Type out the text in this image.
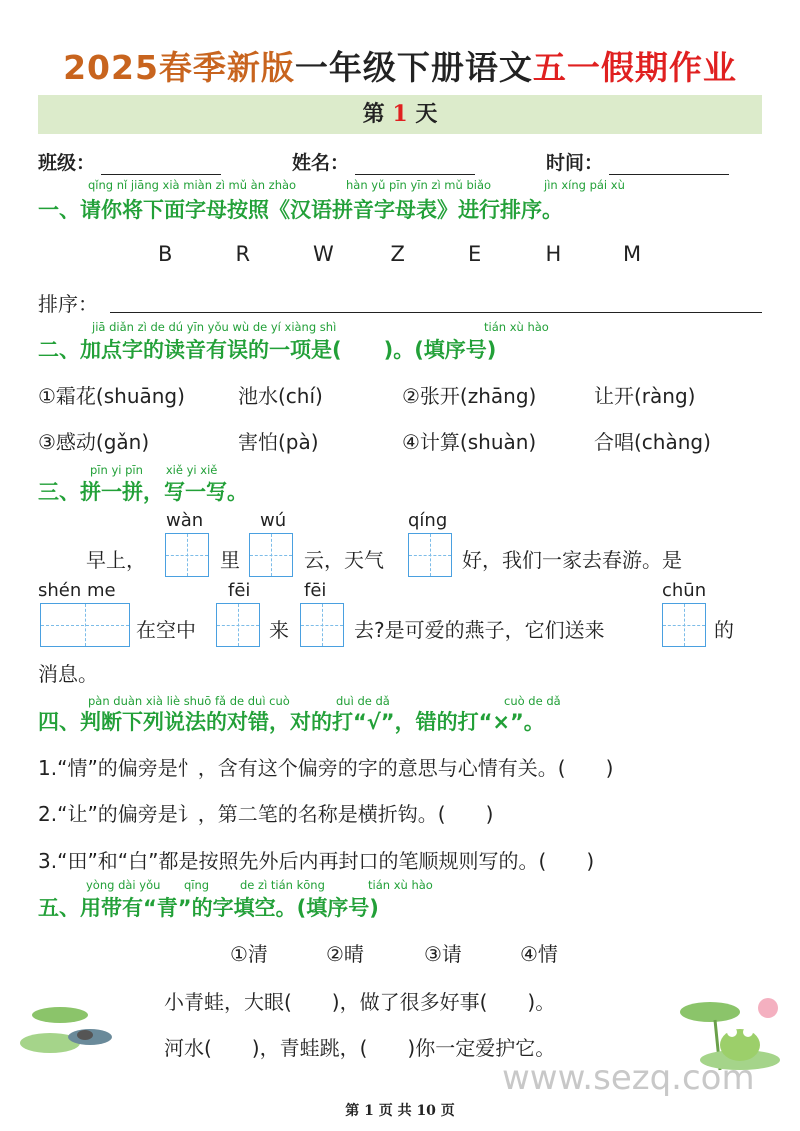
2025春季新版一年级下册语文五一假期作业
第 1 天
班级：	姓名：	时间：
qǐng nǐ jiāng xià miàn zì mǔ àn zhào	hàn yǔ pīn yīn zì mǔ biǎo	jìn xíng pái xù
一、请你将下面字母按照《汉语拼音字母表》进行排序。
B	R	W	Z	E	H	M
排序：
jiā diǎn zì de dú yīn yǒu wù de yí xiàng shì	tián xù hào
二、加点字的读音有误的一项是(　　)。(填序号)
①霜花(shuāng)	池水(chí)	②张开(zhāng)	让开(ràng)
③感动(gǎn)	害怕(pà)	④计算(shuàn)	合唱(chàng)
pīn yi pīn　　xiě yi xiě
三、拼一拼，写一写。
wàn	wú	qíng
早上，	里	云，天气	好，我们一家去春游。是
shén me	fēi	fēi	chūn
在空中	来	去?是可爱的燕子，它们送来	的
消息。
pàn duàn xià liè shuō fǎ de duì cuò	duì de dǎ	cuò de dǎ
四、判断下列说法的对错，对的打“√”，错的打“×”。
1.“情”的偏旁是忄，含有这个偏旁的字的意思与心情有关。(　　)
2.“让”的偏旁是讠，第二笔的名称是横折钩。(　　)
3.“田”和“白”都是按照先外后内再封口的笔顺规则写的。(　　)
yòng dài yǒu qīng	de zì tián kōng	tián xù hào
五、用带有“青”的字填空。(填序号)
①清	②晴	③请	④情
小青蛙，大眼(　　)，做了很多好事(　　)。
河水(　　)，青蛙跳，(　　)你一定爱护它。
www.sezq.com
第 1 页 共 10 页
